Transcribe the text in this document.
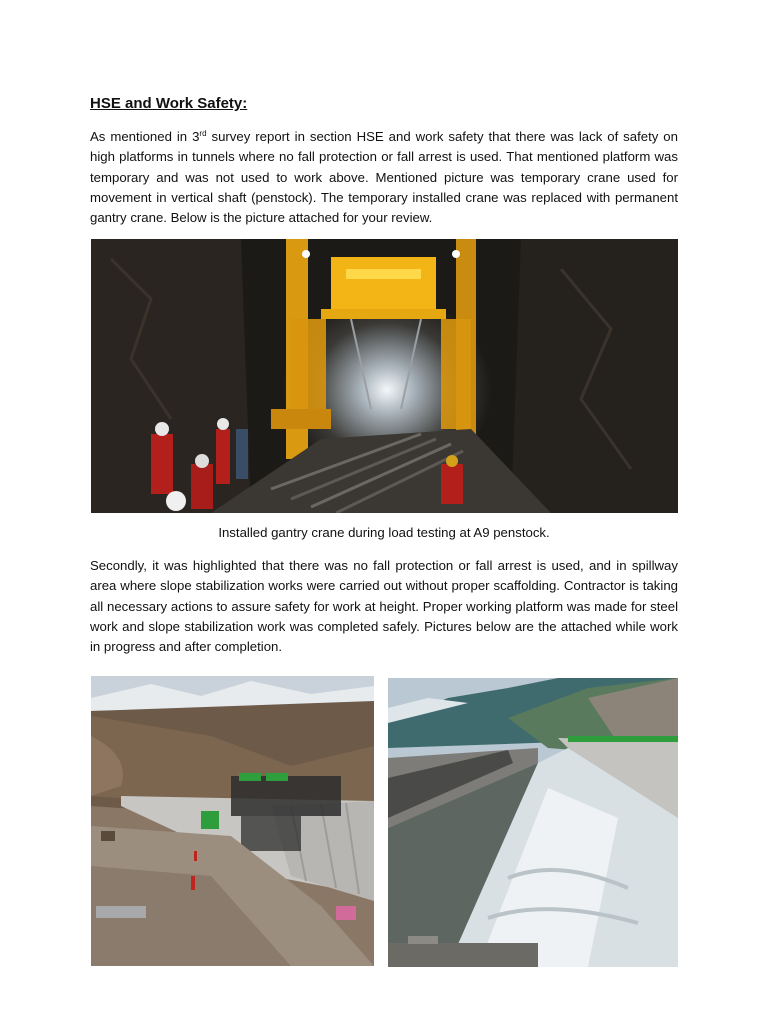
HSE and Work Safety:

As mentioned in 3rd survey report in section HSE and work safety that there was lack of safety on high platforms in tunnels where no fall protection or fall arrest is used. That mentioned platform was temporary and was not used to work above. Mentioned picture was temporary crane used for movement in vertical shaft (penstock). The temporary installed crane was replaced with permanent gantry crane. Below is the picture attached for your review.

Installed gantry crane during load testing at A9 penstock.

Secondly, it was highlighted that there was no fall protection or fall arrest is used, and in spillway area where slope stabilization works were carried out without proper scaffolding. Contractor is taking all necessary actions to assure safety for work at height. Proper working platform was made for steel work and slope stabilization work was completed safely. Pictures below are the attached while work in progress and after completion.
